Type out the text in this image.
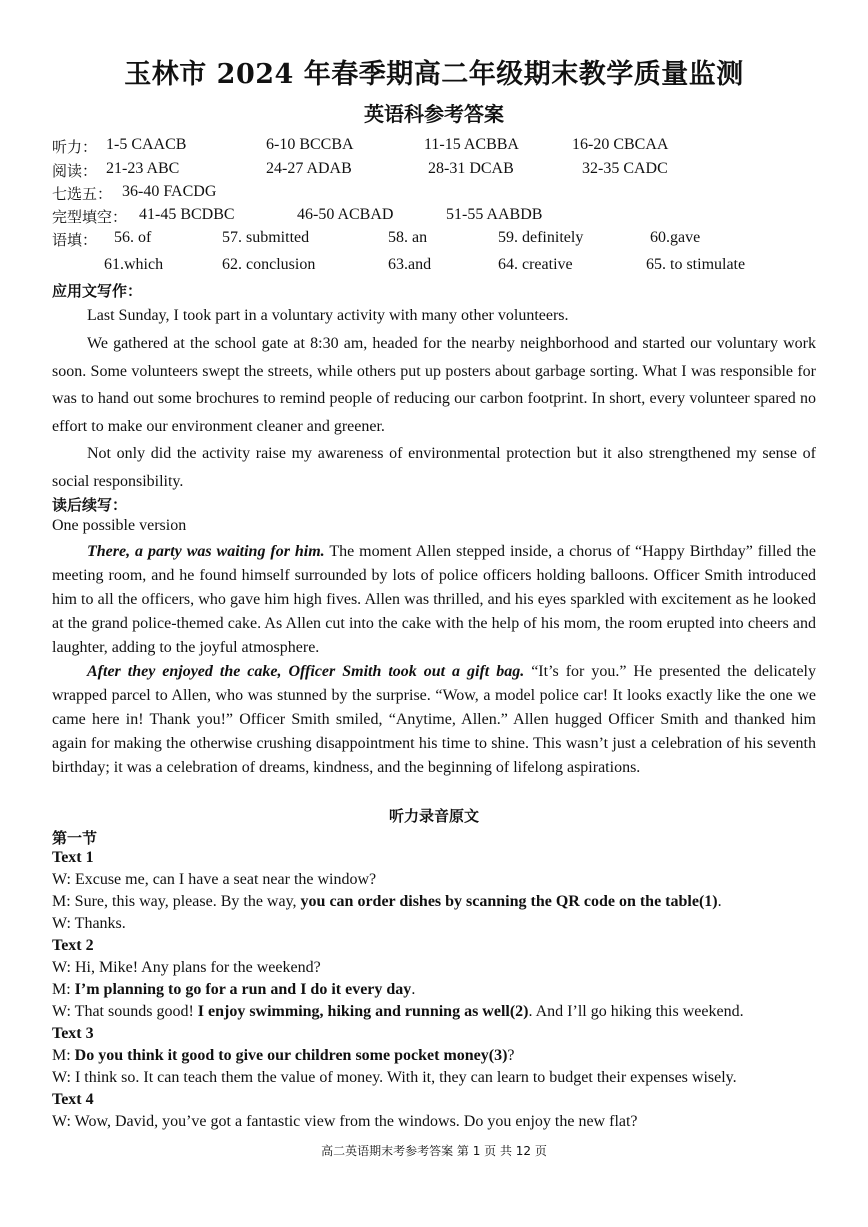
玉林市 2024 年春季期高二年级期末教学质量监测
英语科参考答案
听力： 1-5 CAACB	6-10 BCCBA	11-15 ACBBA	16-20 CBCAA
阅读： 21-23 ABC	24-27 ADAB	28-31 DCAB	32-35 CADC
七选五： 36-40 FACDG
完型填空： 41-45 BCDBC	46-50 ACBAD	51-55 AABDB
语填： 56. of	57. submitted	58. an	59. definitely	60.gave
61.which	62. conclusion	63.and	64. creative	65. to stimulate
应用文写作：
Last Sunday, I took part in a voluntary activity with many other volunteers.
We gathered at the school gate at 8:30 am, headed for the nearby neighborhood and started our voluntary work soon. Some volunteers swept the streets, while others put up posters about garbage sorting. What I was responsible for was to hand out some brochures to remind people of reducing our carbon footprint. In short, every volunteer spared no effort to make our environment cleaner and greener.
Not only did the activity raise my awareness of environmental protection but it also strengthened my sense of social responsibility.
读后续写：
One possible version
There, a party was waiting for him. The moment Allen stepped inside, a chorus of “Happy Birthday” filled the meeting room, and he found himself surrounded by lots of police officers holding balloons. Officer Smith introduced him to all the officers, who gave him high fives. Allen was thrilled, and his eyes sparkled with excitement as he looked at the grand police-themed cake. As Allen cut into the cake with the help of his mom, the room erupted into cheers and laughter, adding to the joyful atmosphere.
After they enjoyed the cake, Officer Smith took out a gift bag. “It’s for you.” He presented the delicately wrapped parcel to Allen, who was stunned by the surprise. “Wow, a model police car! It looks exactly like the one we came here in! Thank you!” Officer Smith smiled, “Anytime, Allen.” Allen hugged Officer Smith and thanked him again for making the otherwise crushing disappointment his time to shine. This wasn’t just a celebration of his seventh birthday; it was a celebration of dreams, kindness, and the beginning of lifelong aspirations.
听力录音原文
第一节
Text 1
W: Excuse me, can I have a seat near the window?
M: Sure, this way, please. By the way, you can order dishes by scanning the QR code on the table(1).
W: Thanks.
Text 2
W: Hi, Mike! Any plans for the weekend?
M: I’m planning to go for a run and I do it every day.
W: That sounds good! I enjoy swimming, hiking and running as well(2). And I’ll go hiking this weekend.
Text 3
M: Do you think it good to give our children some pocket money(3)?
W: I think so. It can teach them the value of money. With it, they can learn to budget their expenses wisely.
Text 4
W: Wow, David, you’ve got a fantastic view from the windows. Do you enjoy the new flat?
高二英语期末考参考答案 第 1 页 共 12 页
